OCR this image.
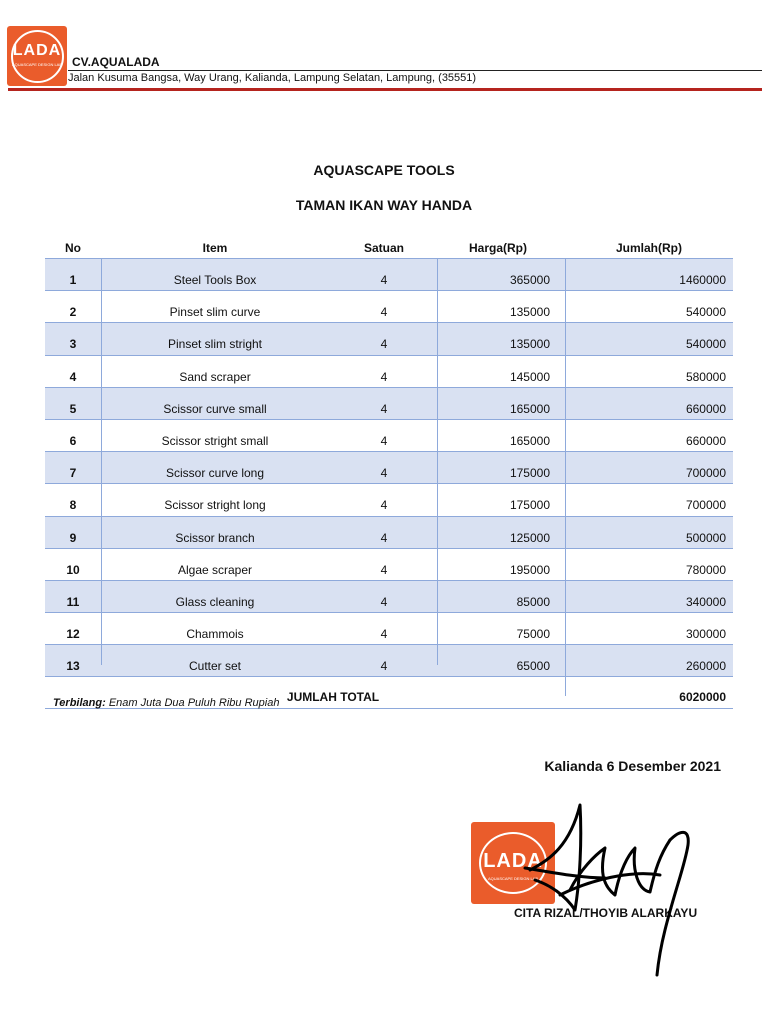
LADA
AQUASCAPE DESIGN LAB CV.AQUALADA
Jalan Kusuma Bangsa, Way Urang, Kalianda, Lampung Selatan, Lampung, (35551)
AQUASCAPE TOOLS
TAMAN IKAN WAY HANDA
No	Item	Satuan	Harga(Rp)	Jumlah(Rp)
1	Steel Tools Box	4	365000	1460000
2	Pinset slim curve	4	135000	540000
3	Pinset slim stright	4	135000	540000
4	Sand scraper	4	145000	580000
5	Scissor curve small	4	165000	660000
6	Scissor stright small	4	165000	660000
7	Scissor curve long	4	175000	700000
8	Scissor stright long	4	175000	700000
9	Scissor branch	4	125000	500000
10	Algae scraper	4	195000	780000
11	Glass cleaning	4	85000	340000
12	Chammois	4	75000	300000
13	Cutter set	4	65000	260000
JUMLAH TOTAL	6020000
Terbilang: Enam Juta Dua Puluh Ribu Rupiah
Kalianda 6 Desember 2021
LADA
AQUASCAPE DESIGN LAB
CITA RIZAL/THOYIB ALARKAYU
